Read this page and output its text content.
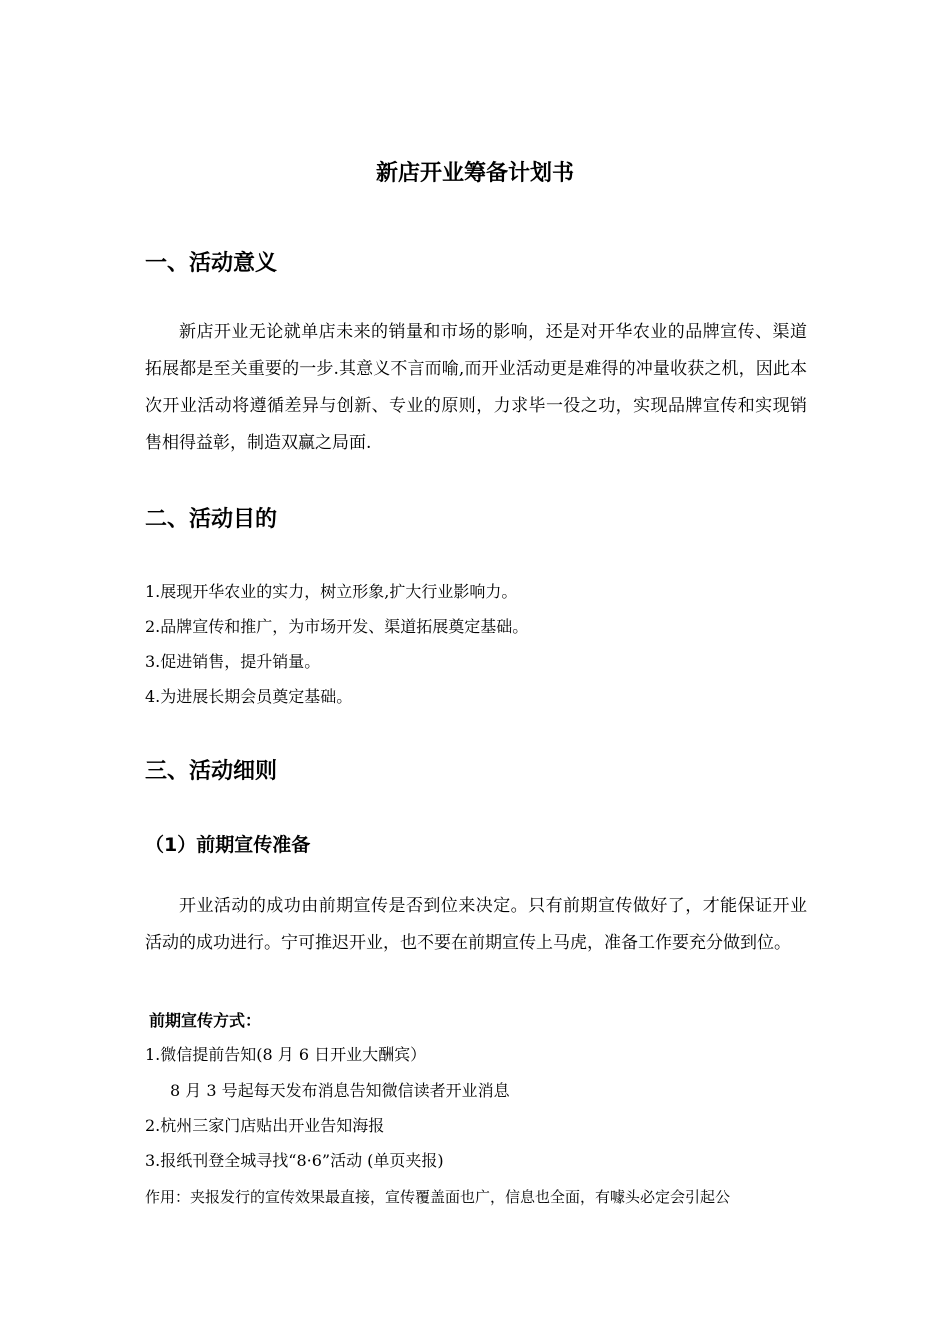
新店开业筹备计划书
一、活动意义

新店开业无论就单店未来的销量和市场的影响，还是对开华农业的品牌宣传、渠道拓展都是至关重要的一步.其意义不言而喻,而开业活动更是难得的冲量收获之机，因此本次开业活动将遵循差异与创新、专业的原则，力求毕一役之功，实现品牌宣传和实现销售相得益彰，制造双赢之局面.

二、活动目的
1.展现开华农业的实力，树立形象,扩大行业影响力。
2.品牌宣传和推广，为市场开发、渠道拓展奠定基础。
3.促进销售，提升销量。
4.为进展长期会员奠定基础。
三、活动细则
（1）前期宣传准备

开业活动的成功由前期宣传是否到位来决定。只有前期宣传做好了，才能保证开业活动的成功进行。宁可推迟开业，也不要在前期宣传上马虎，准备工作要充分做到位。

前期宣传方式：
1.微信提前告知(8 月 6 日开业大酬宾）
8 月 3 号起每天发布消息告知微信读者开业消息
2.杭州三家门店贴出开业告知海报
3.报纸刊登全城寻找“8·6”活动 (单页夹报)
作用：夹报发行的宣传效果最直接，宣传覆盖面也广，信息也全面，有噱头必定会引起公
